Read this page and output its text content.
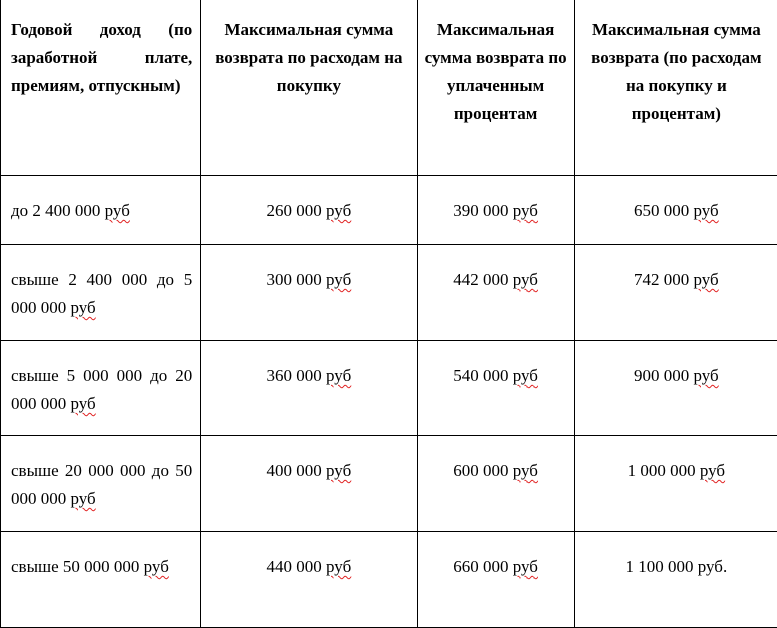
Годовой доход (по заработной плате, премиям, отпускным)	Максимальная сумма возврата по расходам на покупку	Максимальная сумма возврата по уплаченным процентам	Максимальная сумма возврата (по расходам на покупку и процентам)
до 2 400 000 руб	260 000 руб	390 000 руб	650 000 руб
свыше 2 400 000 до 5 000 000 руб	300 000 руб	442 000 руб	742 000 руб
свыше 5 000 000 до 20 000 000 руб	360 000 руб	540 000 руб	900 000 руб
свыше 20 000 000 до 50 000 000 руб	400 000 руб	600 000 руб	1 000 000 руб
свыше 50 000 000 руб	440 000 руб	660 000 руб	1 100 000 руб.
